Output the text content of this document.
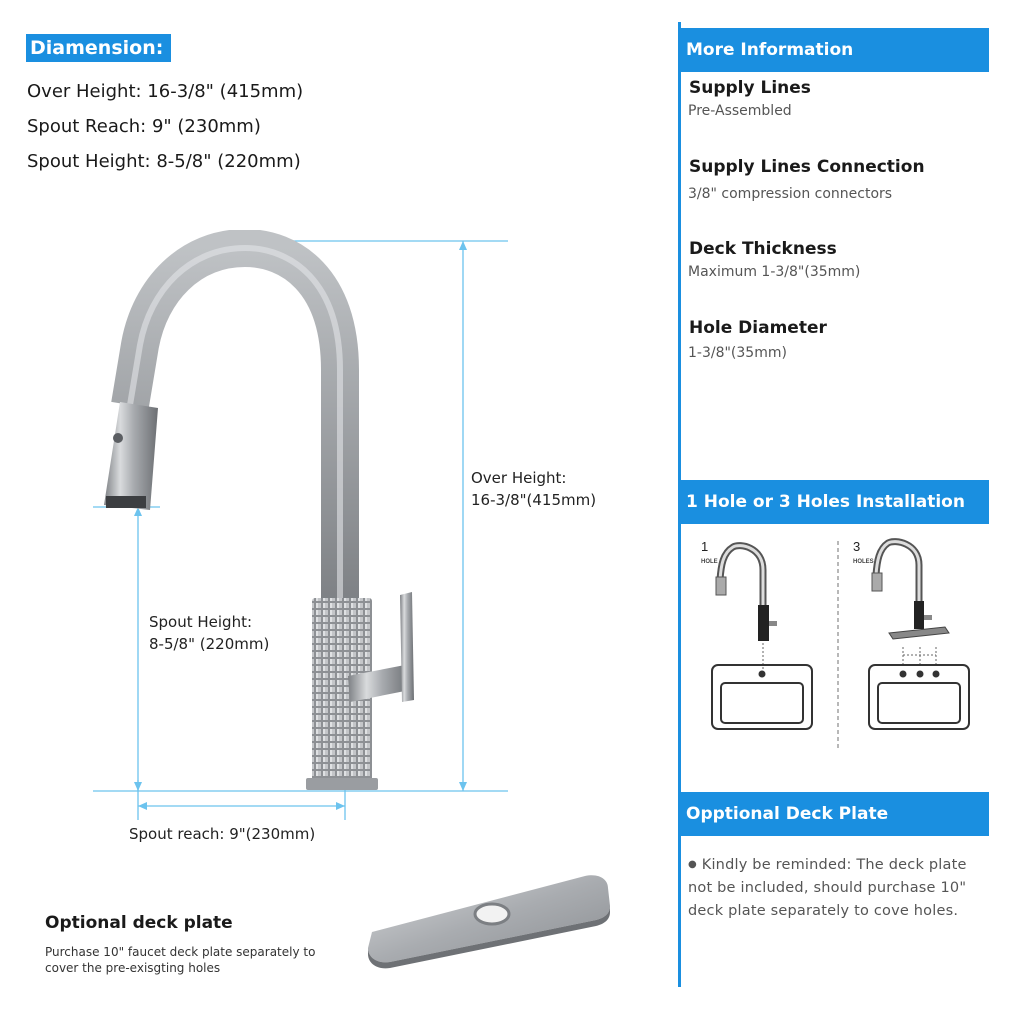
Diamension:
Over Height: 16-3/8" (415mm)
Spout Reach: 9" (230mm)
Spout Height: 8-5/8" (220mm)
Over Height:
16-3/8"(415mm)
Spout Height:
8-5/8" (220mm)
Spout reach: 9"(230mm)
Optional deck plate
Purchase 10" faucet deck plate separately to
cover the pre-exisgting holes
More Information
Supply Lines
Pre-Assembled
Supply Lines Connection
3/8" compression connectors
Deck Thickness
Maximum 1-3/8"(35mm)
Hole Diameter
1-3/8"(35mm)
1 Hole or 3 Holes Installation
1
HOLE
3
HOLES
Opptional Deck Plate
● Kindly be reminded: The deck plate
not be included, should purchase 10"
deck plate separately to cove holes.
